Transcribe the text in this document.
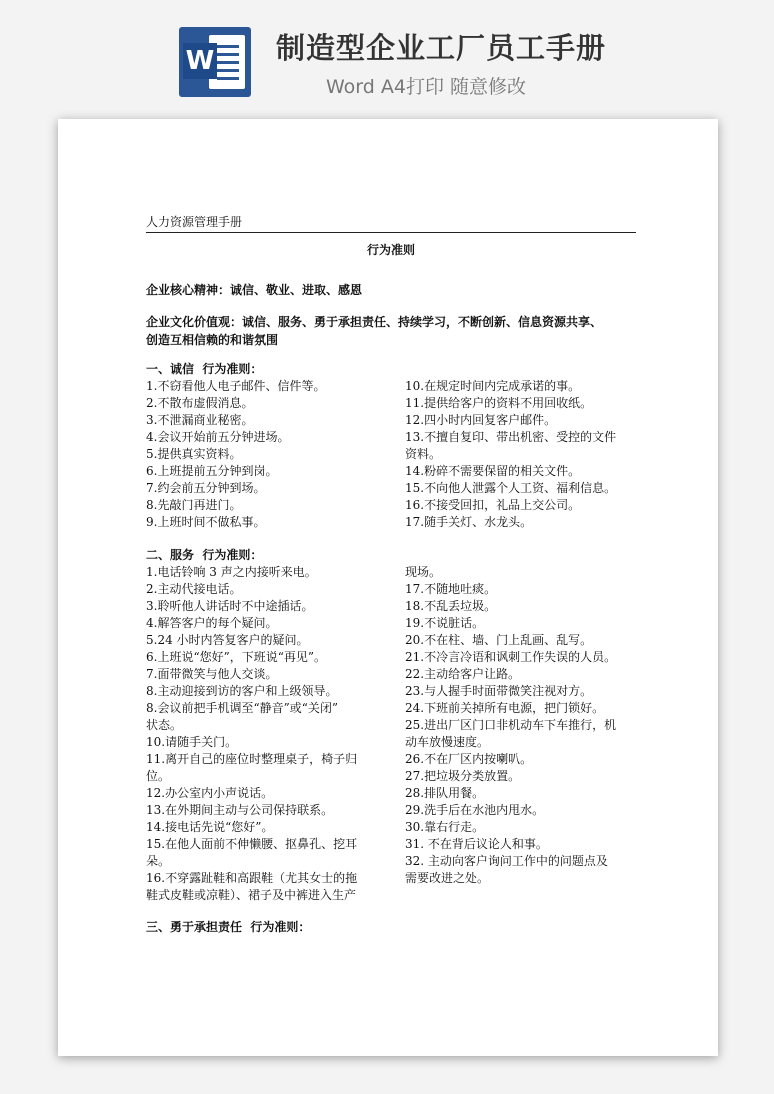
W 制造型企业工厂员工手册
Word A4打印 随意修改
人力资源管理手册
行为准则
企业核心精神：诚信、敬业、进取、感恩
企业文化价值观：诚信、服务、勇于承担责任、持续学习，不断创新、信息资源共享、
创造互相信赖的和谐氛围
一、诚信  行为准则：
1.不窃看他人电子邮件、信件等。
2.不散布虚假消息。
3.不泄漏商业秘密。
4.会议开始前五分钟进场。
5.提供真实资料。
6.上班提前五分钟到岗。
7.约会前五分钟到场。
8.先敲门再进门。
9.上班时间不做私事。
10.在规定时间内完成承诺的事。
11.提供给客户的资料不用回收纸。
12.四小时内回复客户邮件。
13.不擅自复印、带出机密、受控的文件
资料。
14.粉碎不需要保留的相关文件。
15.不向他人泄露个人工资、福利信息。
16.不接受回扣，礼品上交公司。
17.随手关灯、水龙头。
二、服务  行为准则：
1.电话铃响 3 声之内接听来电。
2.主动代接电话。
3.聆听他人讲话时不中途插话。
4.解答客户的每个疑问。
5.24 小时内答复客户的疑问。
6.上班说“您好”，下班说“再见”。
7.面带微笑与他人交谈。
8.主动迎接到访的客户和上级领导。
8.会议前把手机调至“静音”或“关闭”
状态。
10.请随手关门。
11.离开自己的座位时整理桌子，椅子归
位。
12.办公室内小声说话。
13.在外期间主动与公司保持联系。
14.接电话先说“您好”。
15.在他人面前不伸懒腰、抠鼻孔、挖耳
朵。
16.不穿露趾鞋和高跟鞋（尤其女士的拖
鞋式皮鞋或凉鞋）、裙子及中裤进入生产
现场。
17.不随地吐痰。
18.不乱丢垃圾。
19.不说脏话。
20.不在柱、墙、门上乱画、乱写。
21.不冷言冷语和讽刺工作失误的人员。
22.主动给客户让路。
23.与人握手时面带微笑注视对方。
24.下班前关掉所有电源，把门锁好。
25.进出厂区门口非机动车下车推行，机
动车放慢速度。
26.不在厂区内按喇叭。
27.把垃圾分类放置。
28.排队用餐。
29.洗手后在水池内甩水。
30.靠右行走。
31. 不在背后议论人和事。
32. 主动向客户询问工作中的问题点及
需要改进之处。
三、勇于承担责任  行为准则：
